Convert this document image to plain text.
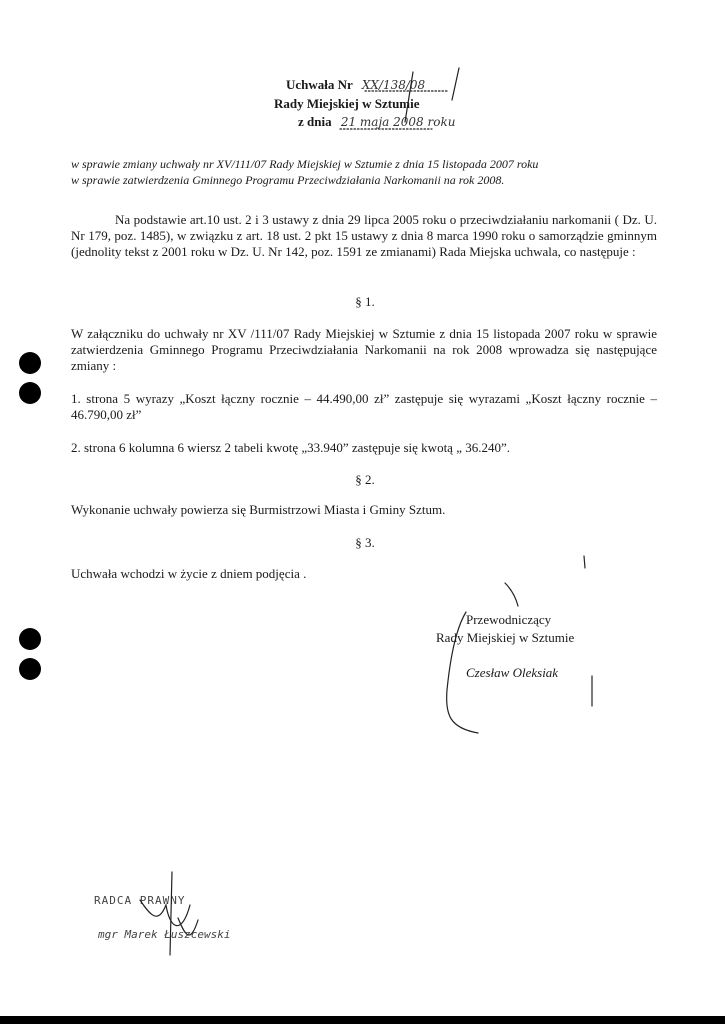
Uchwała Nr XX/138/08
Rady Miejskiej w Sztumie
z dnia 21 maja 2008 roku
w sprawie zmiany uchwały nr XV/111/07 Rady Miejskiej w Sztumie z dnia 15 listopada 2007 roku
w sprawie zatwierdzenia Gminnego Programu Przeciwdziałania Narkomanii na rok 2008.
Na podstawie art.10 ust. 2 i 3 ustawy z dnia 29 lipca 2005 roku o przeciwdziałaniu narkomanii ( Dz. U. Nr 179, poz. 1485), w związku z art. 18 ust. 2 pkt 15 ustawy z dnia 8 marca 1990 roku o samorządzie gminnym (jednolity tekst z 2001 roku w Dz. U. Nr 142, poz. 1591 ze zmianami) Rada Miejska uchwala, co następuje :
§ 1.
W załączniku do uchwały nr XV /111/07 Rady Miejskiej w Sztumie z dnia 15 listopada 2007 roku w sprawie zatwierdzenia Gminnego Programu Przeciwdziałania Narkomanii na rok 2008 wprowadza się następujące zmiany :
1. strona 5 wyrazy „Koszt łączny rocznie – 44.490,00 zł” zastępuje się wyrazami „Koszt łączny rocznie – 46.790,00 zł”
2. strona 6 kolumna 6 wiersz 2 tabeli kwotę „33.940” zastępuje się kwotą „ 36.240”.
§ 2.
Wykonanie uchwały powierza się Burmistrzowi Miasta i Gminy Sztum.
§ 3.
Uchwała wchodzi w życie z dniem podjęcia .
Przewodniczący
Rady Miejskiej w Sztumie
Czesław Oleksiak
RADCA PRAWNY
mgr Marek Łuszcewski
